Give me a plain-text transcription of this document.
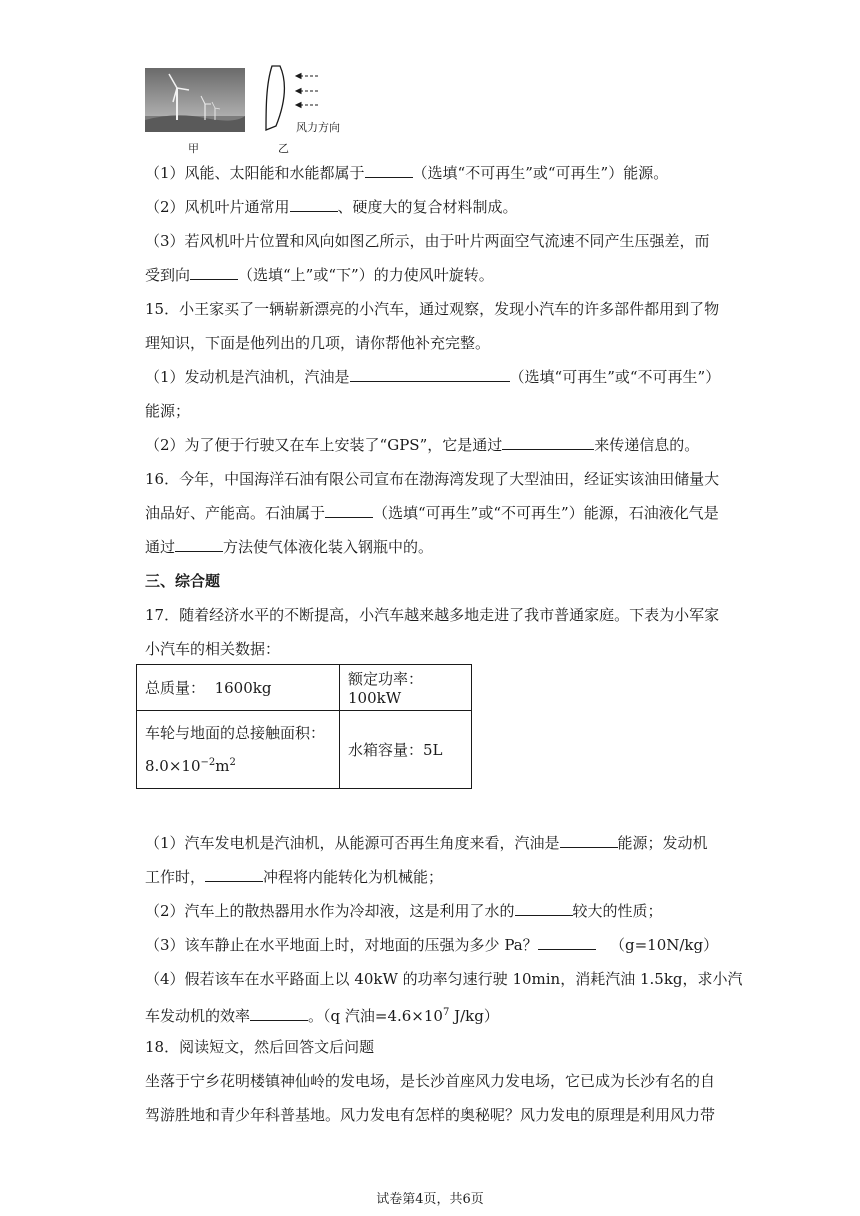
甲
风力方向
乙
（1）风能、太阳能和水能都属于	（选填“不可再生”或“可再生”）能源。
（2）风机叶片通常用	、硬度大的复合材料制成。
（3）若风机叶片位置和风向如图乙所示，由于叶片两面空气流速不同产生压强差，而
受到向	（选填“上”或“下”）的力使风叶旋转。
15．小王家买了一辆崭新漂亮的小汽车，通过观察，发现小汽车的许多部件都用到了物
理知识，下面是他列出的几项，请你帮他补充完整。
（1）发动机是汽油机，汽油是	（选填“可再生”或“不可再生”）
能源；
（2）为了便于行驶又在车上安装了“GPS”，它是通过	来传递信息的。
16．今年，中国海洋石油有限公司宣布在渤海湾发现了大型油田，经证实该油田储量大
油品好、产能高。石油属于	（选填“可再生”或“不可再生”）能源，石油液化气是
通过	方法使气体液化装入钢瓶中的。
三、综合题
17．随着经济水平的不断提高，小汽车越来越多地走进了我市普通家庭。下表为小军家
小汽车的相关数据：
总质量： 1600kg	额定功率：100kW

车轮与地面的总接触面积：
$8.0\times 10^{-2}m^2$	水箱容量：5L
（1）汽车发电机是汽油机，从能源可否再生角度来看，汽油是	能源；发动机
工作时，	冲程将内能转化为机械能；
（2）汽车上的散热器用水作为冷却液，这是利用了水的	较大的性质；
（3）该车静止在水平地面上时，对地面的压强为多少 Pa？	（g=10N/kg）
（4）假若该车在水平路面上以 40kW 的功率匀速行驶 10min，消耗汽油 1.5kg，求小汽
车发动机的效率	。（q 汽油$=4.6\times 10^7$ J/kg）
18．阅读短文，然后回答文后问题
坐落于宁乡花明楼镇神仙岭的发电场，是长沙首座风力发电场，它已成为长沙有名的自
驾游胜地和青少年科普基地。风力发电有怎样的奥秘呢？风力发电的原理是利用风力带
试卷第4页，共6页
